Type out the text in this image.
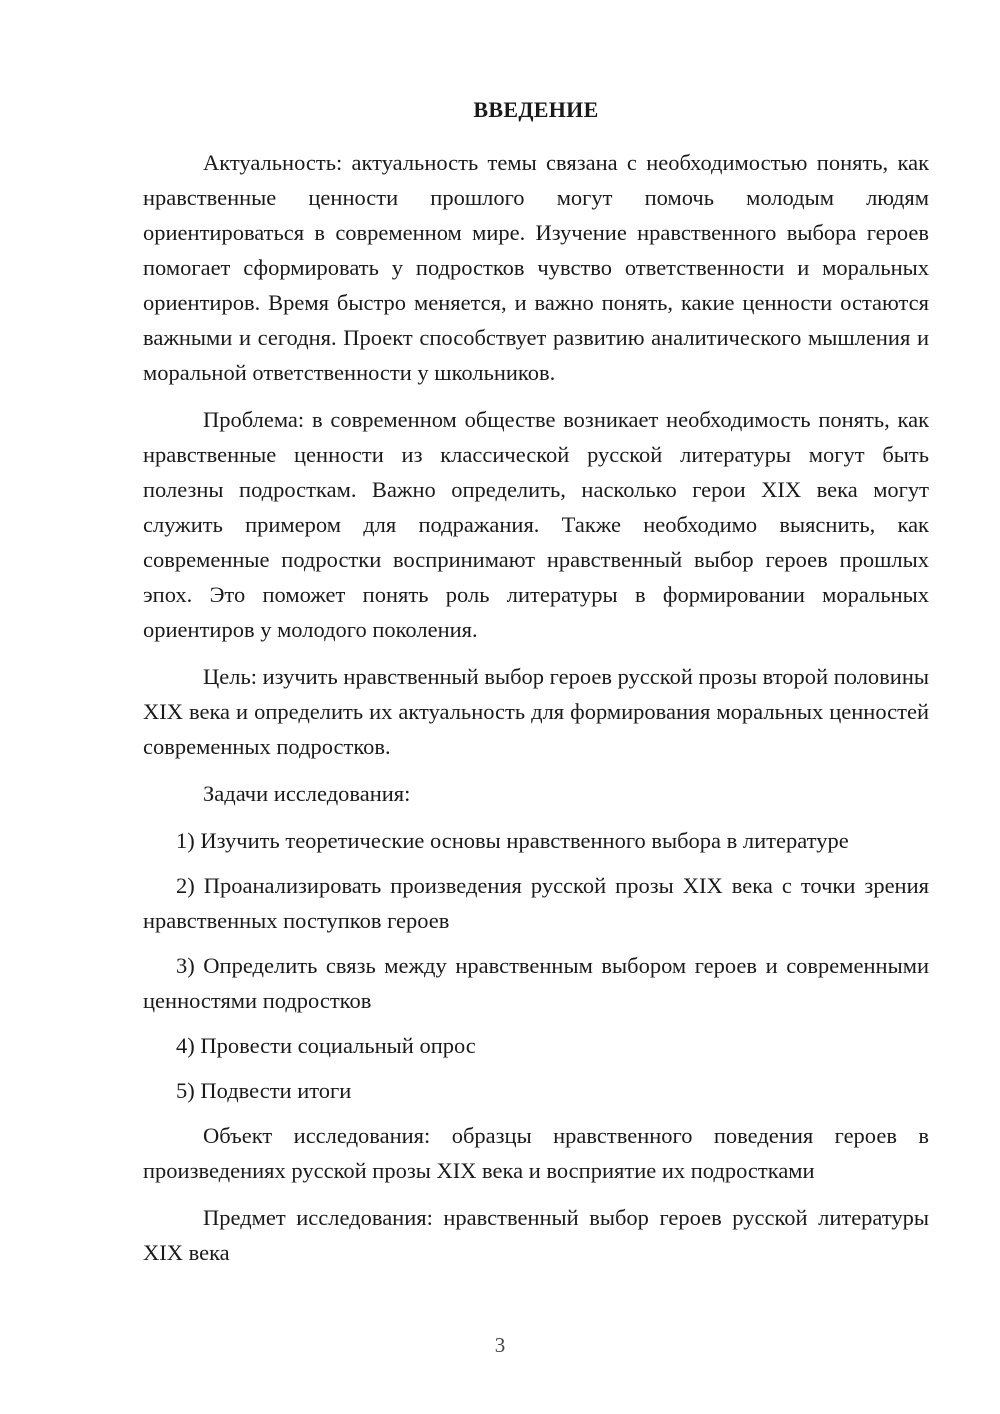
ВВЕДЕНИЕ

Актуальность: актуальность темы связана с необходимостью понять, как нравственные ценности прошлого могут помочь молодым людям ориентироваться в современном мире. Изучение нравственного выбора героев помогает сформировать у подростков чувство ответственности и моральных ориентиров. Время быстро меняется, и важно понять, какие ценности остаются важными и сегодня. Проект способствует развитию аналитического мышления и моральной ответственности у школьников.

Проблема: в современном обществе возникает необходимость понять, как нравственные ценности из классической русской литературы могут быть полезны подросткам. Важно определить, насколько герои XIX века могут служить примером для подражания. Также необходимо выяснить, как современные подростки воспринимают нравственный выбор героев прошлых эпох. Это поможет понять роль литературы в формировании моральных ориентиров у молодого поколения.

Цель: изучить нравственный выбор героев русской прозы второй половины XIX века и определить их актуальность для формирования моральных ценностей современных подростков.

Задачи исследования:

1) Изучить теоретические основы нравственного выбора в литературе

2) Проанализировать произведения русской прозы XIX века с точки зрения нравственных поступков героев

3) Определить связь между нравственным выбором героев и современными ценностями подростков

4) Провести социальный опрос

5) Подвести итоги

Объект исследования: образцы нравственного поведения героев в произведениях русской прозы XIX века и восприятие их подростками

Предмет исследования: нравственный выбор героев русской литературы XIX века

3
